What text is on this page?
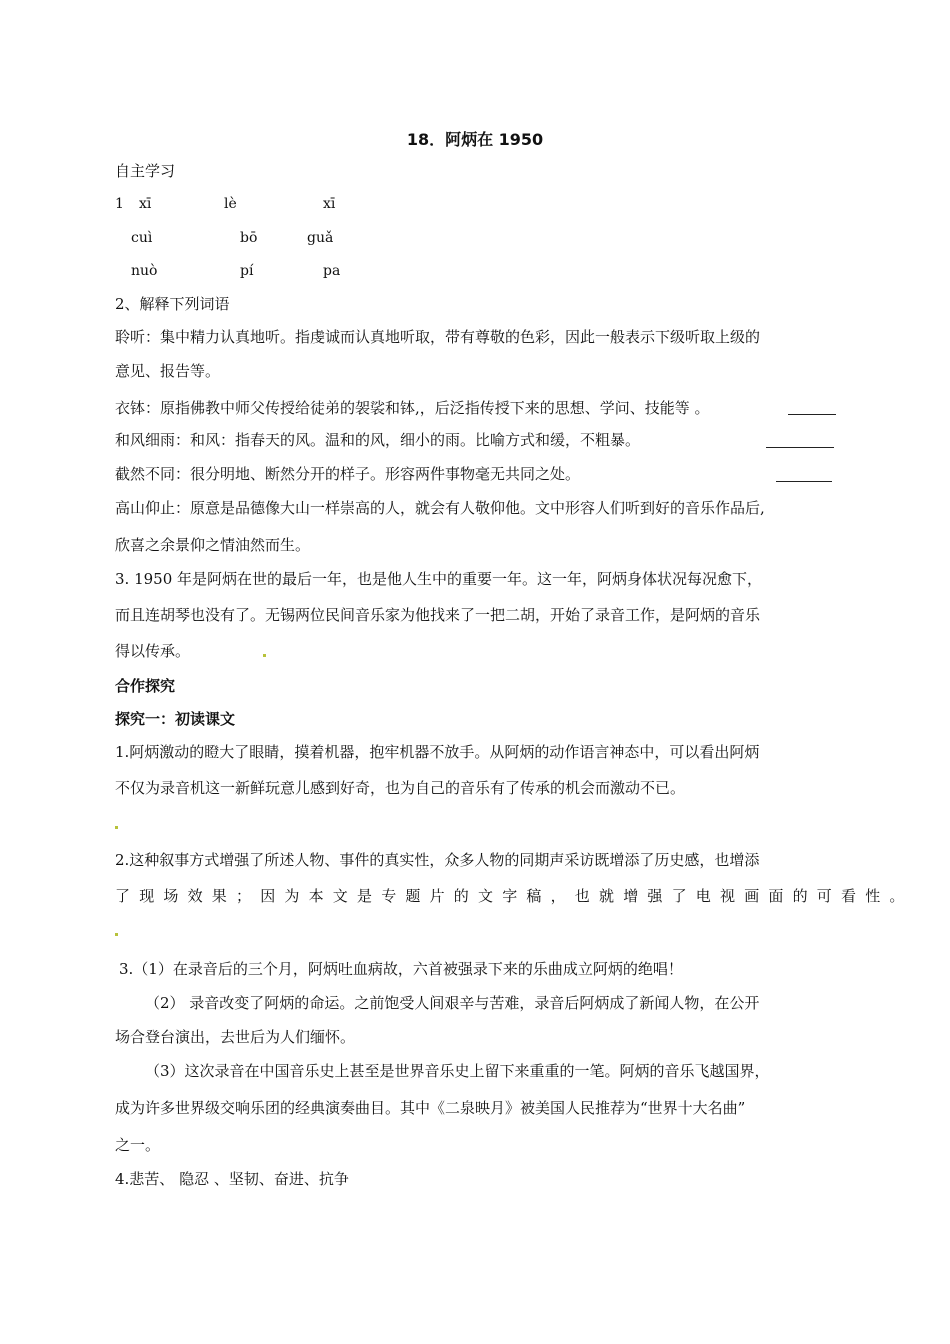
18．阿炳在 1950
自主学习
1 xī	lè	xī
cuì	bō	guǎ
nuò	pí	pa
2、解释下列词语
聆听：集中精力认真地听。指虔诚而认真地听取，带有尊敬的色彩，因此一般表示下级听取上级的
意见、报告等。
衣钵：原指佛教中师父传授给徒弟的袈裟和钵,，后泛指传授下来的思想、学问、技能等 。
和风细雨：和风：指春天的风。温和的风，细小的雨。比喻方式和缓，不粗暴。
截然不同：很分明地、断然分开的样子。形容两件事物毫无共同之处。
高山仰止：原意是品德像大山一样崇高的人，就会有人敬仰他。文中形容人们听到好的音乐作品后,
欣喜之余景仰之情油然而生。
3. 1950 年是阿炳在世的最后一年，也是他人生中的重要一年。这一年，阿炳身体状况每况愈下，
而且连胡琴也没有了。无锡两位民间音乐家为他找来了一把二胡，开始了录音工作，是阿炳的音乐
得以传承。
合作探究
探究一：初读课文
1.阿炳激动的瞪大了眼睛，摸着机器，抱牢机器不放手。从阿炳的动作语言神态中，可以看出阿炳
不仅为录音机这一新鲜玩意儿感到好奇，也为自己的音乐有了传承的机会而激动不已。
2.这种叙事方式增强了所述人物、事件的真实性，众多人物的同期声采访既增添了历史感，也增添
了现场效果；因为本文是专题片的文字稿，也就增强了电视画面的可看性。
3.（1）在录音后的三个月，阿炳吐血病故，六首被强录下来的乐曲成立阿炳的绝唱！
（2） 录音改变了阿炳的命运。之前饱受人间艰辛与苦难，录音后阿炳成了新闻人物，在公开
场合登台演出，去世后为人们缅怀。
（3）这次录音在中国音乐史上甚至是世界音乐史上留下来重重的一笔。阿炳的音乐飞越国界，
成为许多世界级交响乐团的经典演奏曲目。其中《二泉映月》被美国人民推荐为“世界十大名曲”
之一。
4.悲苦、 隐忍 、坚韧、奋进、抗争
